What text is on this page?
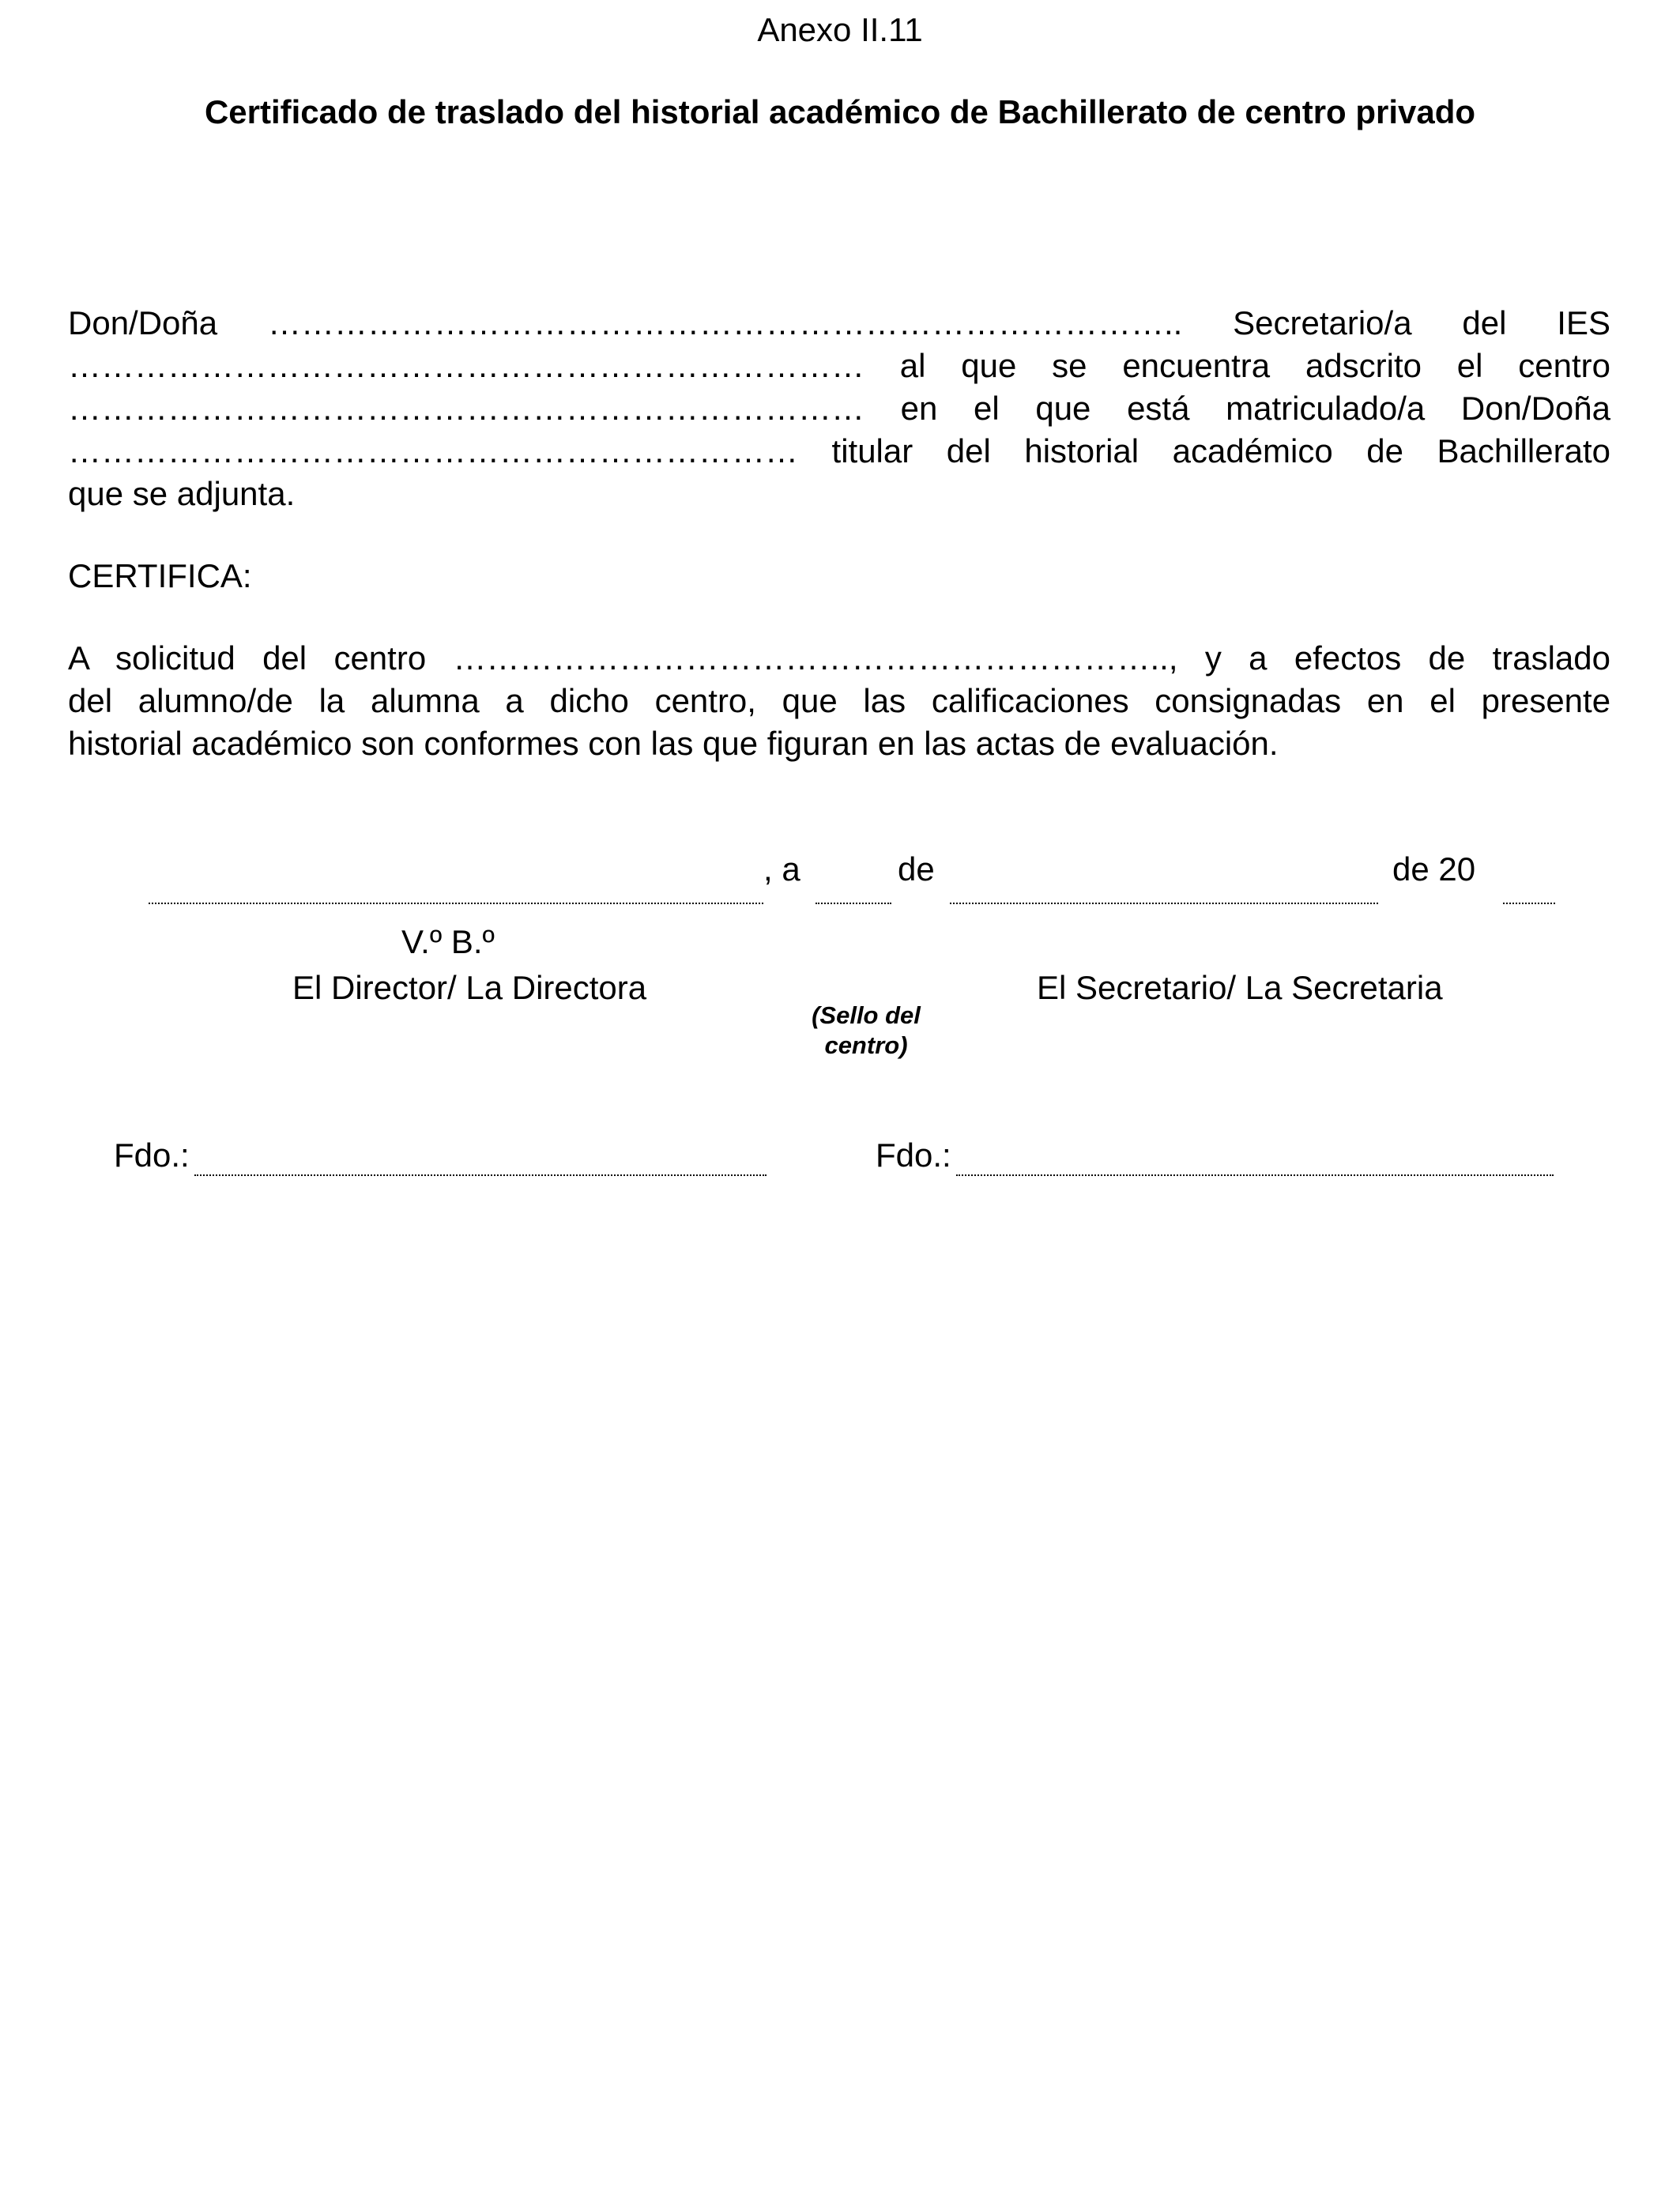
Anexo II.11
Certificado de traslado del historial académico de Bachillerato de centro privado
Don/Doña ……………………………………………………………………….. Secretario/a del IES
……………………………………………………………… al que se encuentra adscrito el centro
……………………………………………………………… en el que está matriculado/a Don/Doña
………………………………………………………… titular del historial académico de Bachillerato
que se adjunta.
CERTIFICA:
A solicitud del centro ……………………………………………………….., y a efectos de traslado
del alumno/de la alumna a dicho centro, que las calificaciones consignadas en el presente
historial académico son conformes con las que figuran en las actas de evaluación.
, a	de	de 20
V.º B.º
El Director/ La Directora
(Sello del
centro)
El Secretario/ La Secretaria
Fdo.:	Fdo.:
